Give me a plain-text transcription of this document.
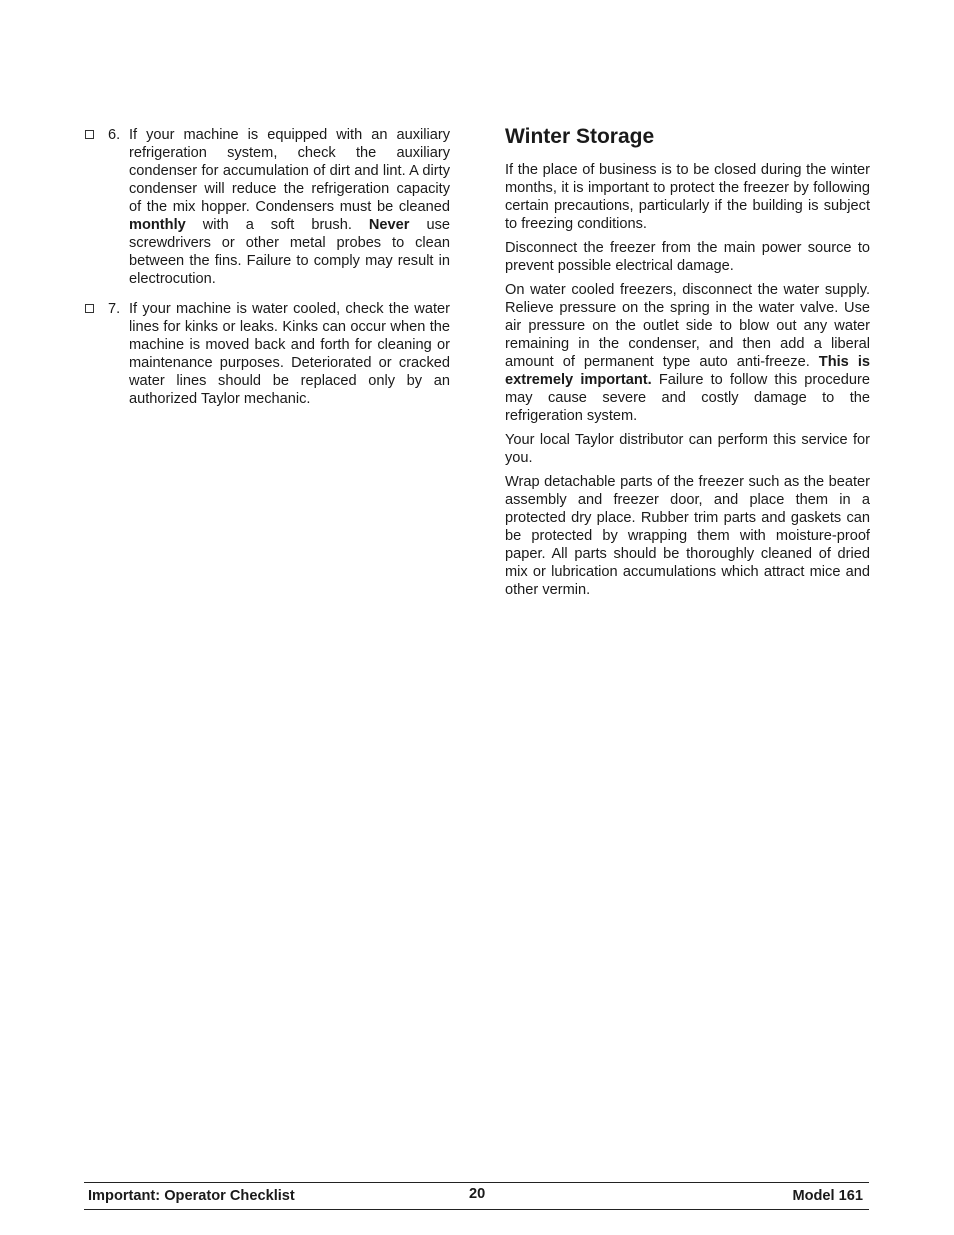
6. If your machine is equipped with an auxiliary refrigeration system, check the auxiliary condenser for accumulation of dirt and lint. A dirty condenser will reduce the refrigeration capacity of the mix hopper. Condensers must be cleaned monthly with a soft brush. Never use screwdrivers or other metal probes to clean between the fins. Failure to comply may result in electrocution.
7. If your machine is water cooled, check the water lines for kinks or leaks. Kinks can occur when the machine is moved back and forth for cleaning or maintenance purposes. Deteriorated or cracked water lines should be replaced only by an authorized Taylor mechanic.
Winter Storage

If the place of business is to be closed during the winter months, it is important to protect the freezer by following certain precautions, particularly if the building is subject to freezing conditions.

Disconnect the freezer from the main power source to prevent possible electrical damage.

On water cooled freezers, disconnect the water supply. Relieve pressure on the spring in the water valve. Use air pressure on the outlet side to blow out any water remaining in the condenser, and then add a liberal amount of permanent type auto anti-freeze. This is extremely important. Failure to follow this procedure may cause severe and costly damage to the refrigeration system.

Your local Taylor distributor can perform this service for you.

Wrap detachable parts of the freezer such as the beater assembly and freezer door, and place them in a protected dry place. Rubber trim parts and gaskets can be protected by wrapping them with moisture-proof paper. All parts should be thoroughly cleaned of dried mix or lubrication accumulations which attract mice and other vermin.

Important: Operator Checklist	20	Model 161
